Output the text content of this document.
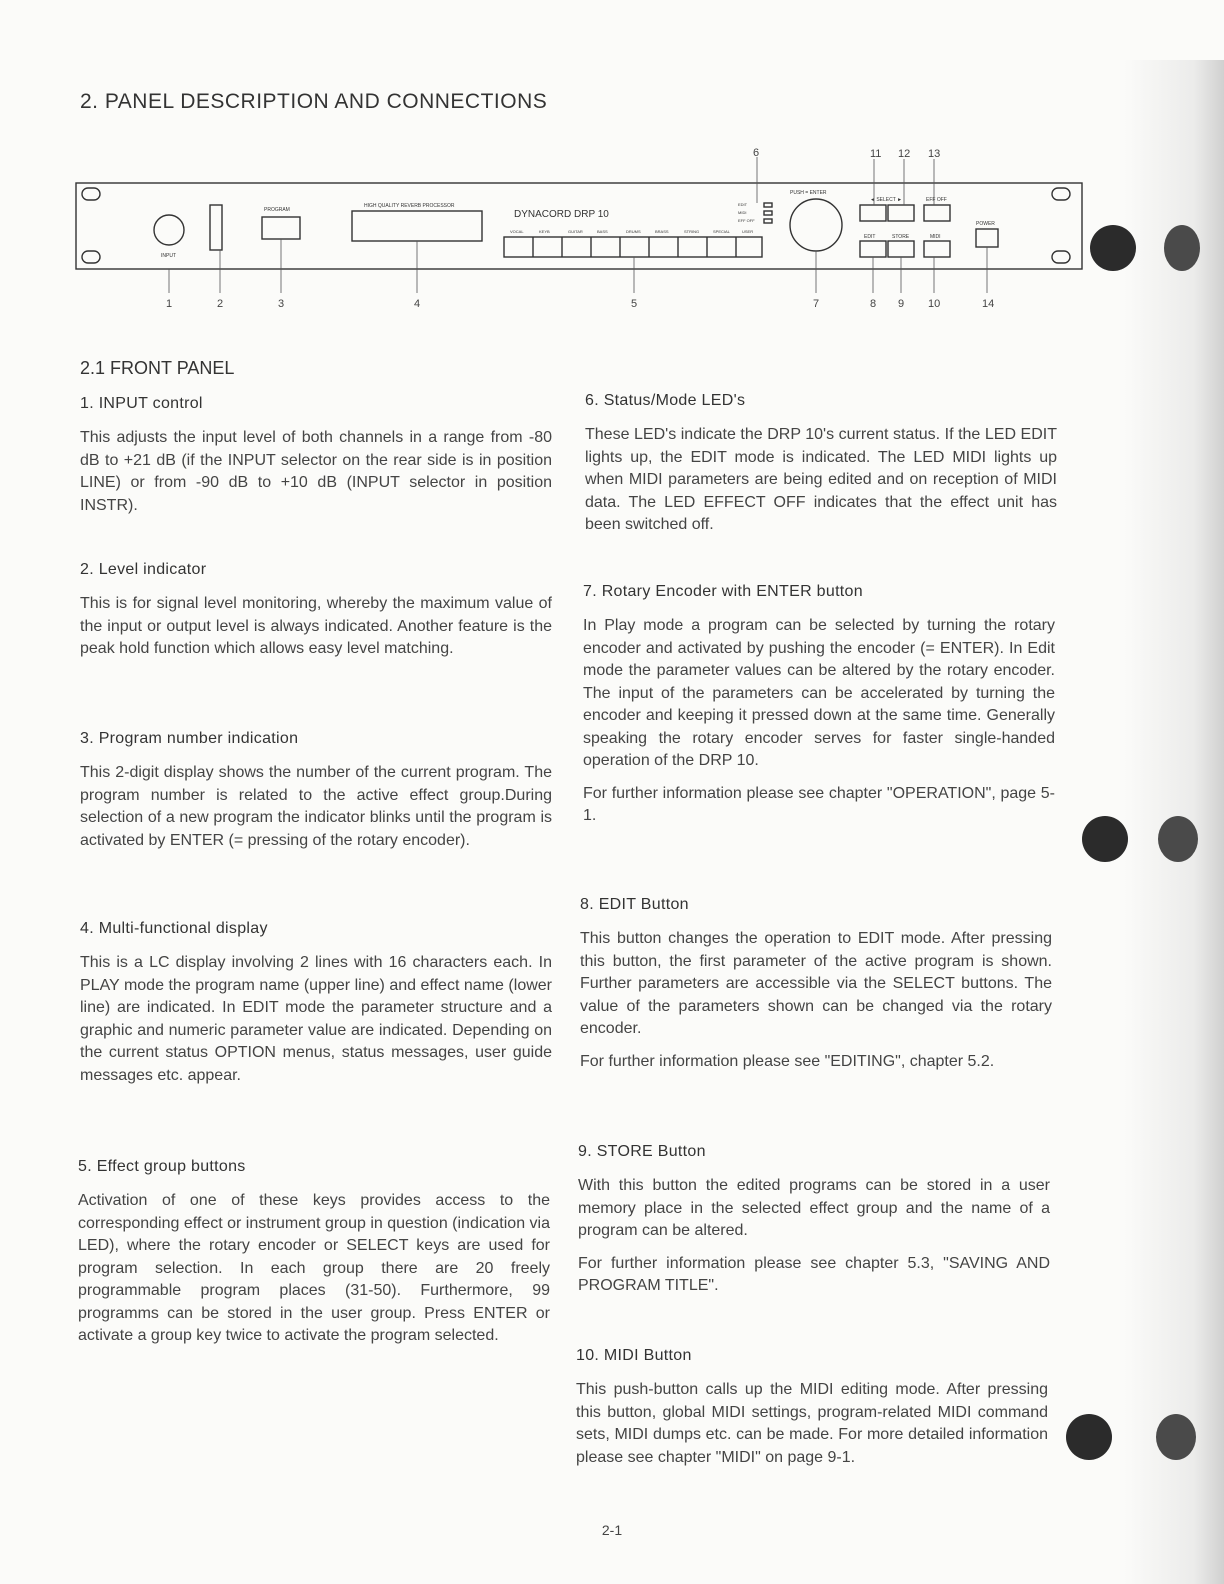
2. PANEL DESCRIPTION AND CONNECTIONS
INPUT
PROGRAM
HIGH QUALITY REVERB PROCESSOR
DYNACORD DRP 10
PUSH = ENTER
◄ SELECT ►	EFF OFF
EDIT	STORE	MIDI
POWER
EDIT
MIDI
EFF OFF
VOCAL	KEYB	GUITAR	BASS	DRUMS	BRASS	STRING	SPECIAL	USER
6	11 12 13
1	2	3	4	5	7	8 9 10	14
2.1 FRONT PANEL
1. INPUT control

This adjusts the input level of both channels in a range from -80 dB to +21 dB (if the INPUT selector on the rear side is in position LINE) or from -90 dB to +10 dB (INPUT selector in position INSTR).

2. Level indicator

This is for signal level monitoring, whereby the maximum value of the input or output level is always indicated. Another feature is the peak hold function which allows easy level matching.

3. Program number indication

This 2-digit display shows the number of the current program. The program number is related to the active effect group.During selection of a new program the indicator blinks until the program is activated by ENTER (= pressing of the rotary encoder).

4. Multi-functional display

This is a LC display involving 2 lines with 16 characters each. In PLAY mode the program name (upper line) and effect name (lower line) are indicated. In EDIT mode the parameter structure and a graphic and numeric parameter value are indicated. Depending on the current status OPTION menus, status messages, user guide messages etc. appear.

5. Effect group buttons

Activation of one of these keys provides access to the corresponding effect or instrument group in question (indication via LED), where the rotary encoder or SELECT keys are used for program selection. In each group there are 20 freely programmable program places (31-50). Furthermore, 99 programms can be stored in the user group. Press ENTER or activate a group key twice to activate the program selected.

6. Status/Mode LED's

These LED's indicate the DRP 10's current status. If the LED EDIT lights up, the EDIT mode is indicated. The LED MIDI lights up when MIDI parameters are being edited and on reception of MIDI data. The LED EFFECT OFF indicates that the effect unit has been switched off.

7. Rotary Encoder with ENTER button

In Play mode a program can be selected by turning the rotary encoder and activated by pushing the encoder (= ENTER). In Edit mode the parameter values can be altered by the rotary encoder. The input of the parameters can be accelerated by turning the encoder and keeping it pressed down at the same time. Generally speaking the rotary encoder serves for faster single-handed operation of the DRP 10.

For further information please see chapter "OPERATION", page 5-1.

8. EDIT Button

This button changes the operation to EDIT mode. After pressing this button, the first parameter of the active program is shown. Further parameters are accessible via the SELECT buttons. The value of the parameters shown can be changed via the rotary encoder.

For further information please see "EDITING", chapter 5.2.

9. STORE Button

With this button the edited programs can be stored in a user memory place in the selected effect group and the name of a program can be altered.

For further information please see chapter 5.3, "SAVING AND PROGRAM TITLE".

10. MIDI Button

This push-button calls up the MIDI editing mode. After pressing this button, global MIDI settings, program-related MIDI command sets, MIDI dumps etc. can be made. For more detailed information please see chapter "MIDI" on page 9-1.

2-1
